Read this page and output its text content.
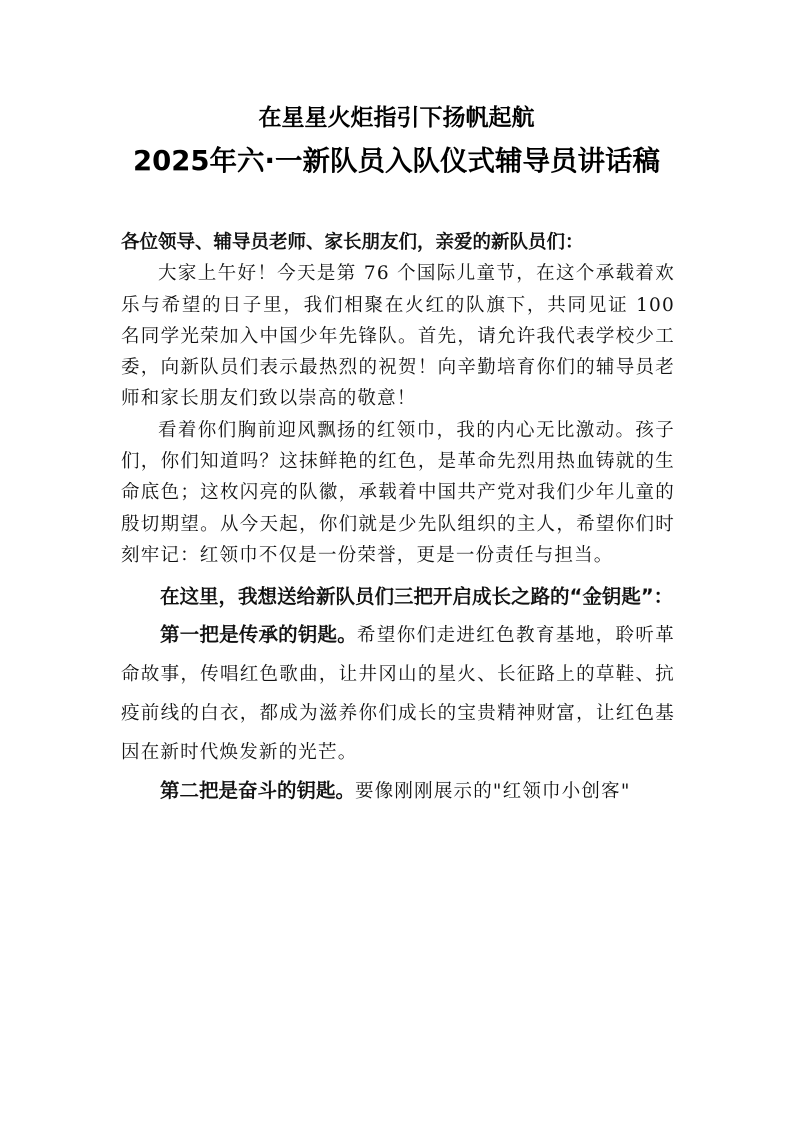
在星星火炬指引下扬帆起航
2025年六·一新队员入队仪式辅导员讲话稿

各位领导、辅导员老师、家长朋友们，亲爱的新队员们：

大家上午好！今天是第 76 个国际儿童节，在这个承载着欢乐与希望的日子里，我们相聚在火红的队旗下，共同见证 100 名同学光荣加入中国少年先锋队。首先，请允许我代表学校少工委，向新队员们表示最热烈的祝贺！向辛勤培育你们的辅导员老师和家长朋友们致以崇高的敬意！

看着你们胸前迎风飘扬的红领巾，我的内心无比激动。孩子们，你们知道吗？这抹鲜艳的红色，是革命先烈用热血铸就的生命底色；这枚闪亮的队徽，承载着中国共产党对我们少年儿童的殷切期望。从今天起，你们就是少先队组织的主人，希望你们时刻牢记：红领巾不仅是一份荣誉，更是一份责任与担当。

在这里，我想送给新队员们三把开启成长之路的“金钥匙”：

第一把是传承的钥匙。希望你们走进红色教育基地，聆听革命故事，传唱红色歌曲，让井冈山的星火、长征路上的草鞋、抗疫前线的白衣，都成为滋养你们成长的宝贵精神财富，让红色基因在新时代焕发新的光芒。

第二把是奋斗的钥匙。要像刚刚展示的"红领巾小创客"
